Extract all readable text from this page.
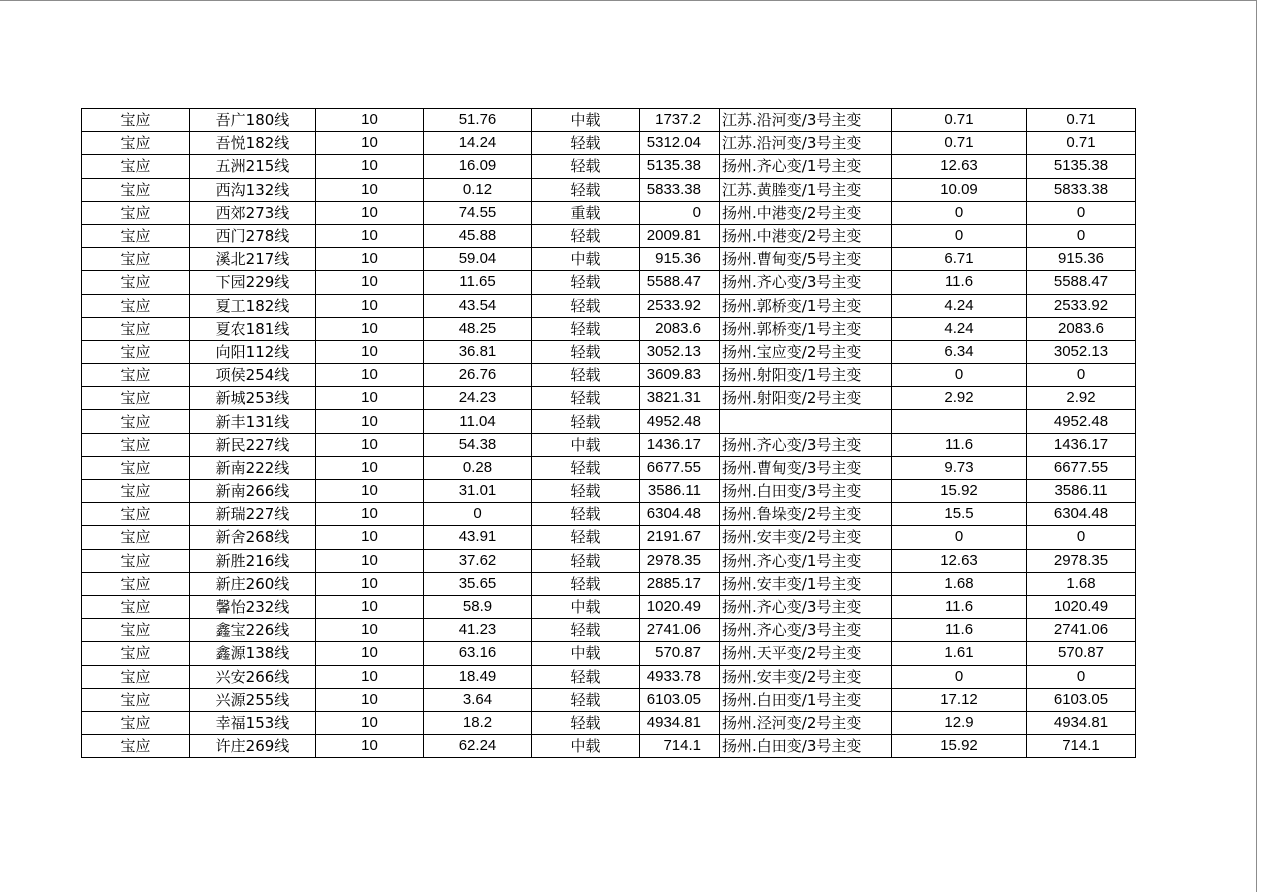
宝应	吾广180线	10	51.76	中载	1737.2	江苏.沿河变/3号主变	0.71	0.71
宝应	吾悦182线	10	14.24	轻载	5312.04	江苏.沿河变/3号主变	0.71	0.71
宝应	五洲215线	10	16.09	轻载	5135.38	扬州.齐心变/1号主变	12.63	5135.38
宝应	西沟132线	10	0.12	轻载	5833.38	江苏.黄塍变/1号主变	10.09	5833.38
宝应	西郊273线	10	74.55	重载	0	扬州.中港变/2号主变	0	0
宝应	西门278线	10	45.88	轻载	2009.81	扬州.中港变/2号主变	0	0
宝应	溪北217线	10	59.04	中载	915.36	扬州.曹甸变/5号主变	6.71	915.36
宝应	下园229线	10	11.65	轻载	5588.47	扬州.齐心变/3号主变	11.6	5588.47
宝应	夏工182线	10	43.54	轻载	2533.92	扬州.郭桥变/1号主变	4.24	2533.92
宝应	夏农181线	10	48.25	轻载	2083.6	扬州.郭桥变/1号主变	4.24	2083.6
宝应	向阳112线	10	36.81	轻载	3052.13	扬州.宝应变/2号主变	6.34	3052.13
宝应	项侯254线	10	26.76	轻载	3609.83	扬州.射阳变/1号主变	0	0
宝应	新城253线	10	24.23	轻载	3821.31	扬州.射阳变/2号主变	2.92	2.92
宝应	新丰131线	10	11.04	轻载	4952.48			4952.48
宝应	新民227线	10	54.38	中载	1436.17	扬州.齐心变/3号主变	11.6	1436.17
宝应	新南222线	10	0.28	轻载	6677.55	扬州.曹甸变/3号主变	9.73	6677.55
宝应	新南266线	10	31.01	轻载	3586.11	扬州.白田变/3号主变	15.92	3586.11
宝应	新瑞227线	10	0	轻载	6304.48	扬州.鲁垛变/2号主变	15.5	6304.48
宝应	新舍268线	10	43.91	轻载	2191.67	扬州.安丰变/2号主变	0	0
宝应	新胜216线	10	37.62	轻载	2978.35	扬州.齐心变/1号主变	12.63	2978.35
宝应	新庄260线	10	35.65	轻载	2885.17	扬州.安丰变/1号主变	1.68	1.68
宝应	馨怡232线	10	58.9	中载	1020.49	扬州.齐心变/3号主变	11.6	1020.49
宝应	鑫宝226线	10	41.23	轻载	2741.06	扬州.齐心变/3号主变	11.6	2741.06
宝应	鑫源138线	10	63.16	中载	570.87	扬州.天平变/2号主变	1.61	570.87
宝应	兴安266线	10	18.49	轻载	4933.78	扬州.安丰变/2号主变	0	0
宝应	兴源255线	10	3.64	轻载	6103.05	扬州.白田变/1号主变	17.12	6103.05
宝应	幸福153线	10	18.2	轻载	4934.81	扬州.泾河变/2号主变	12.9	4934.81
宝应	许庄269线	10	62.24	中载	714.1	扬州.白田变/3号主变	15.92	714.1
